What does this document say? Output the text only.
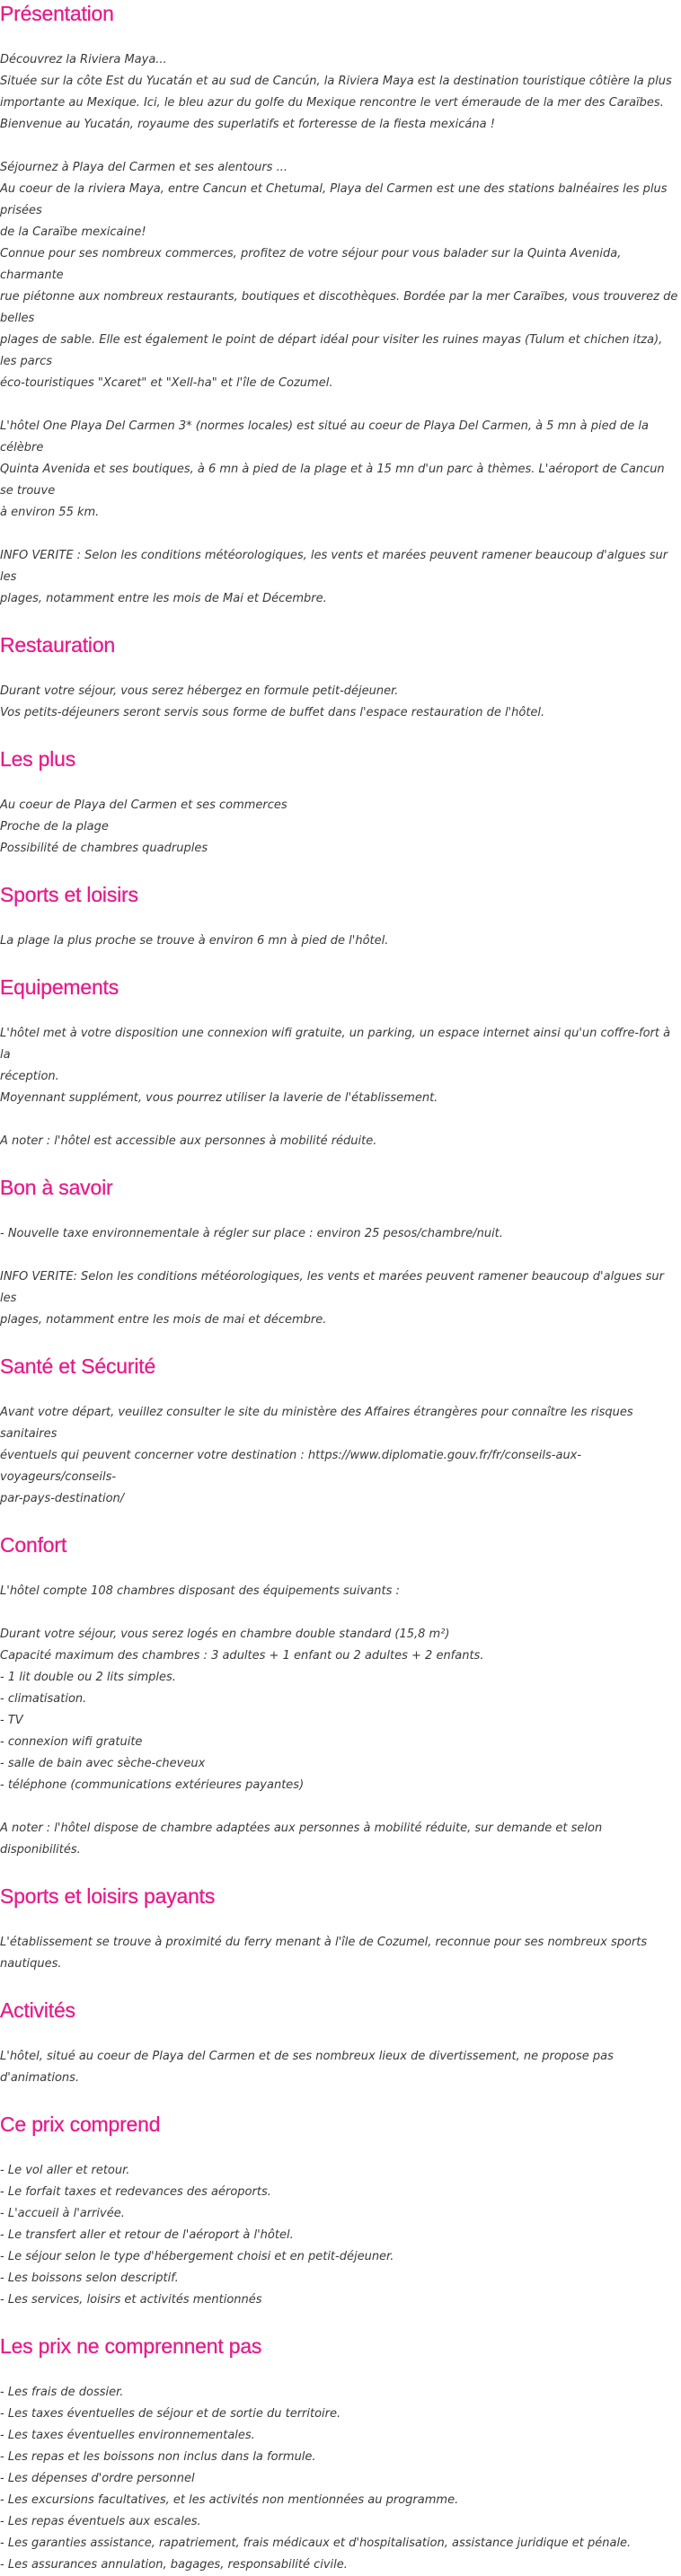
Présentation
Découvrez la Riviera Maya...
Située sur la côte Est du Yucatán et au sud de Cancún, la Riviera Maya est la destination touristique côtière la plus
importante au Mexique. Ici, le bleu azur du golfe du Mexique rencontre le vert émeraude de la mer des Caraïbes.
Bienvenue au Yucatán, royaume des superlatifs et forteresse de la fiesta mexicána !
Séjournez à Playa del Carmen et ses alentours ...
Au coeur de la riviera Maya, entre Cancun et Chetumal, Playa del Carmen est une des stations balnéaires les plus prisées
de la Caraïbe mexicaine!
Connue pour ses nombreux commerces, profitez de votre séjour pour vous balader sur la Quinta Avenida, charmante
rue piétonne aux nombreux restaurants, boutiques et discothèques. Bordée par la mer Caraïbes, vous trouverez de belles
plages de sable. Elle est également le point de départ idéal pour visiter les ruines mayas (Tulum et chichen itza), les parcs
éco-touristiques "Xcaret" et "Xell-ha" et l'île de Cozumel.
L'hôtel One Playa Del Carmen 3* (normes locales) est situé au coeur de Playa Del Carmen, à 5 mn à pied de la célèbre
Quinta Avenida et ses boutiques, à 6 mn à pied de la plage et à 15 mn d'un parc à thèmes. L'aéroport de Cancun se trouve
à environ 55 km.
INFO VERITE : Selon les conditions météorologiques, les vents et marées peuvent ramener beaucoup d'algues sur les
plages, notamment entre les mois de Mai et Décembre.
Restauration
Durant votre séjour, vous serez hébergez en formule petit-déjeuner.
Vos petits-déjeuners seront servis sous forme de buffet dans l'espace restauration de l'hôtel.
Les plus
Au coeur de Playa del Carmen et ses commerces
Proche de la plage
Possibilité de chambres quadruples
Sports et loisirs
La plage la plus proche se trouve à environ 6 mn à pied de l'hôtel.
Equipements
L'hôtel met à votre disposition une connexion wifi gratuite, un parking, un espace internet ainsi qu'un coffre-fort à la
réception.
Moyennant supplément, vous pourrez utiliser la laverie de l'établissement.
A noter : l'hôtel est accessible aux personnes à mobilité réduite.
Bon à savoir
- Nouvelle taxe environnementale à régler sur place : environ 25 pesos/chambre/nuit.
INFO VERITE: Selon les conditions météorologiques, les vents et marées peuvent ramener beaucoup d'algues sur les
plages, notamment entre les mois de mai et décembre.
Santé et Sécurité
Avant votre départ, veuillez consulter le site du ministère des Affaires étrangères pour connaître les risques sanitaires
éventuels qui peuvent concerner votre destination : https://www.diplomatie.gouv.fr/fr/conseils-aux-voyageurs/conseils-
par-pays-destination/
Confort
L'hôtel compte 108 chambres disposant des équipements suivants :
Durant votre séjour, vous serez logés en chambre double standard (15,8 m²)
Capacité maximum des chambres : 3 adultes + 1 enfant ou 2 adultes + 2 enfants.
- 1 lit double ou 2 lits simples.
- climatisation.
- TV
- connexion wifi gratuite
- salle de bain avec sèche-cheveux
- téléphone (communications extérieures payantes)
A noter : l'hôtel dispose de chambre adaptées aux personnes à mobilité réduite, sur demande et selon disponibilités.
Sports et loisirs payants
L'établissement se trouve à proximité du ferry menant à l'île de Cozumel, reconnue pour ses nombreux sports nautiques.
Activités
L'hôtel, situé au coeur de Playa del Carmen et de ses nombreux lieux de divertissement, ne propose pas d'animations.
Ce prix comprend
- Le vol aller et retour.
- Le forfait taxes et redevances des aéroports.
- L'accueil à l'arrivée.
- Le transfert aller et retour de l'aéroport à l'hôtel.
- Le séjour selon le type d'hébergement choisi et en petit-déjeuner.
- Les boissons selon descriptif.
- Les services, loisirs et activités mentionnés
Les prix ne comprennent pas
- Les frais de dossier.
- Les taxes éventuelles de séjour et de sortie du territoire.
- Les taxes éventuelles environnementales.
- Les repas et les boissons non inclus dans la formule.
- Les dépenses d'ordre personnel
- Les excursions facultatives, et les activités non mentionnées au programme.
- Les repas éventuels aux escales.
- Les garanties assistance, rapatriement, frais médicaux et d'hospitalisation, assistance juridique et pénale.
- Les assurances annulation, bagages, responsabilité civile.
